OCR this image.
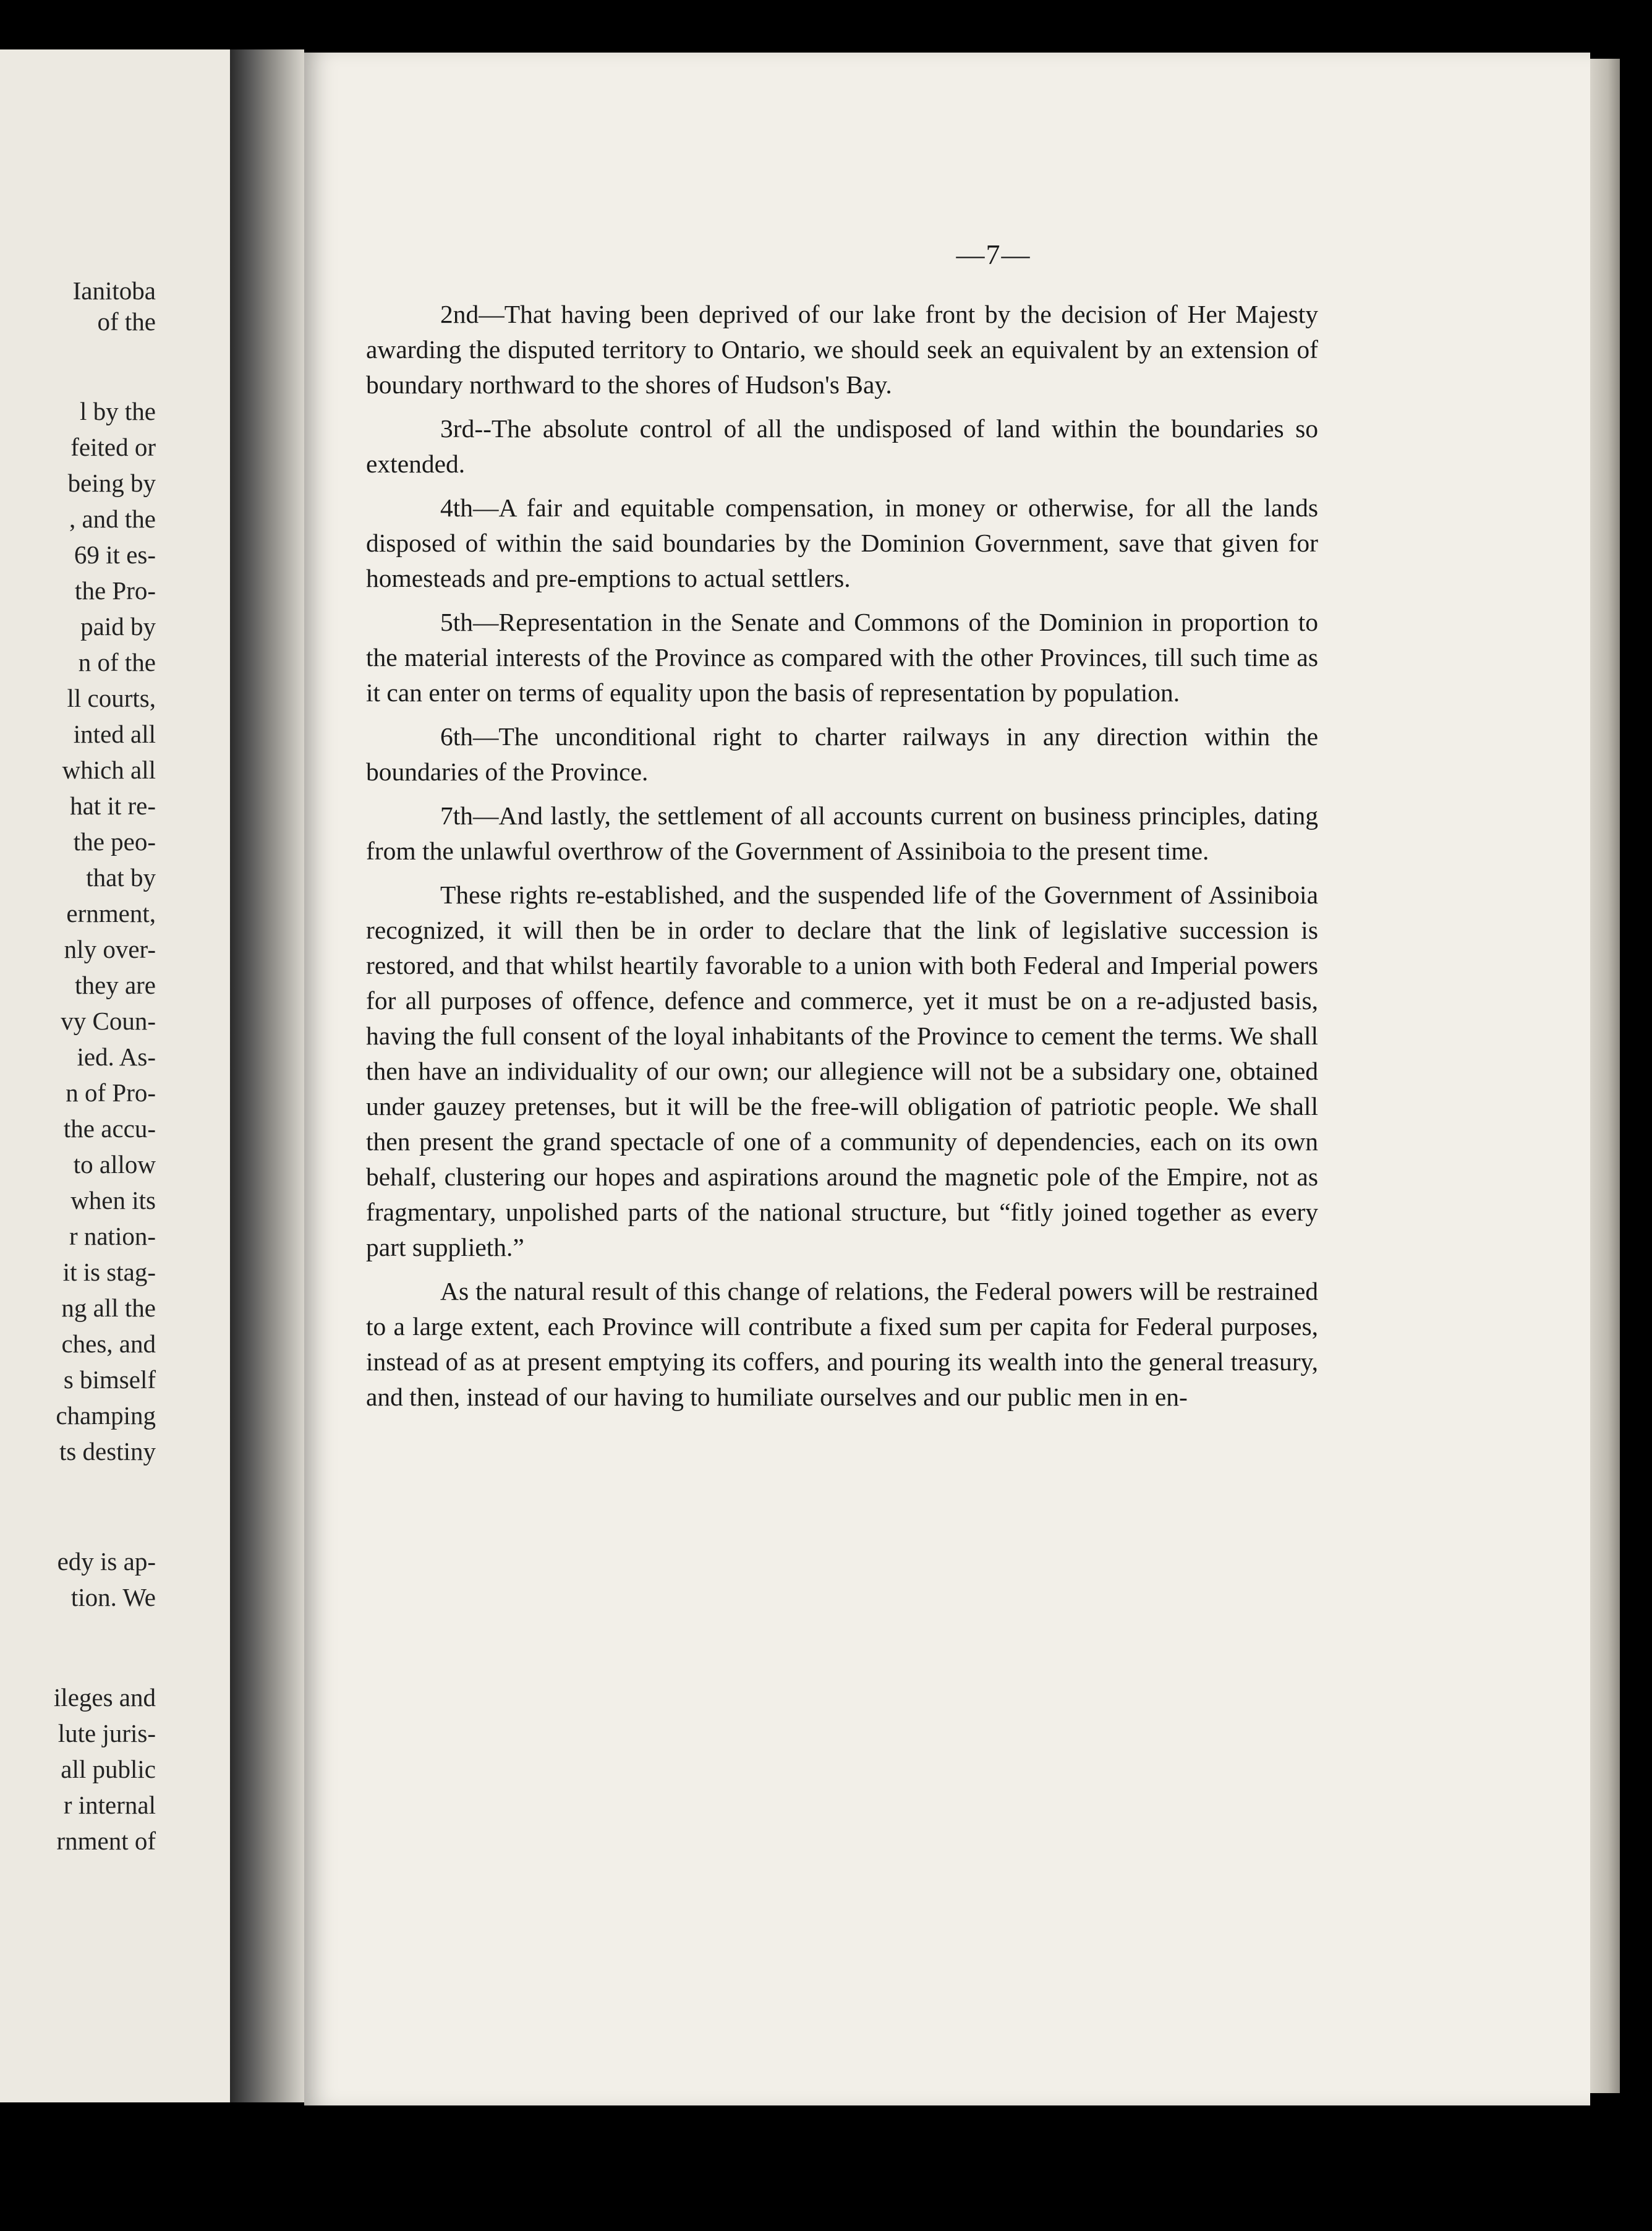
Ianitoba
of the
l by the
feited or
being by
, and the
69 it es-
the Pro-
paid by
n of the
ll courts,
inted all
which all
hat it re-
the peo-
that by
ernment,
nly over-
they are
vy Coun-
ied. As-
n of Pro-
the accu-
to allow
when its
r nation-
it is stag-
ng all the
ches, and
s bimself
champing
ts destiny
edy is ap-
tion. We
ileges and
lute juris-
all public
r internal
rnment of
—7—

2nd—That having been deprived of our lake front by the decision of Her Majesty awarding the disputed territory to Ontario, we should seek an equivalent by an extension of boundary northward to the shores of Hudson's Bay.

3rd--The absolute control of all the undisposed of land within the boundaries so extended.

4th—A fair and equitable compensation, in money or otherwise, for all the lands disposed of within the said boundaries by the Dominion Government, save that given for homesteads and pre-emptions to actual settlers.

5th—Representation in the Senate and Commons of the Dominion in proportion to the material interests of the Province as compared with the other Provinces, till such time as it can enter on terms of equality upon the basis of representation by population.

6th—The unconditional right to charter railways in any direction within the boundaries of the Province.

7th—And lastly, the settlement of all accounts current on business principles, dating from the unlawful overthrow of the Government of Assiniboia to the present time.

These rights re-established, and the suspended life of the Government of Assiniboia recognized, it will then be in order to declare that the link of legislative succession is restored, and that whilst heartily favorable to a union with both Federal and Imperial powers for all purposes of offence, defence and commerce, yet it must be on a re-adjusted basis, having the full consent of the loyal inhabitants of the Province to cement the terms. We shall then have an individuality of our own; our allegience will not be a subsidary one, obtained under gauzey pretenses, but it will be the free-will obligation of patriotic people. We shall then present the grand spectacle of one of a community of dependencies, each on its own behalf, clustering our hopes and aspirations around the magnetic pole of the Empire, not as fragmentary, unpolished parts of the national structure, but “fitly joined together as every part supplieth.”

As the natural result of this change of relations, the Federal powers will be restrained to a large extent, each Province will contribute a fixed sum per capita for Federal purposes, instead of as at present emptying its coffers, and pouring its wealth into the general treasury, and then, instead of our having to humiliate ourselves and our public men in en-
